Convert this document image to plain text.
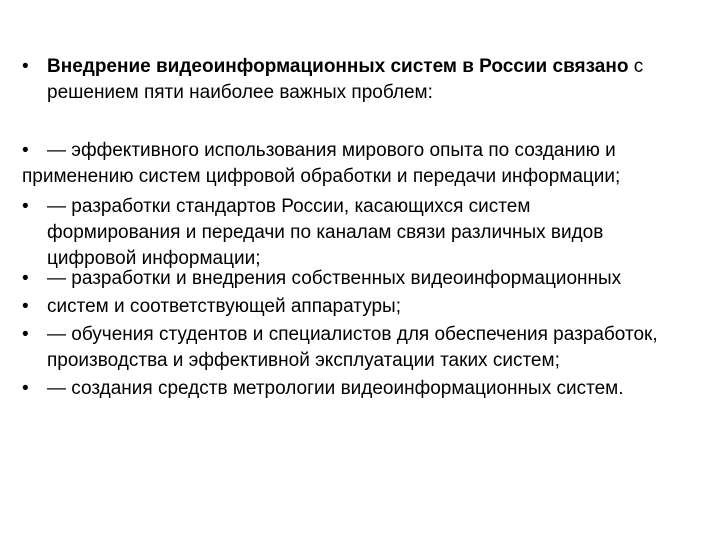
• Внедрение видеоинформационных систем в России связано с решением пяти наиболее важных проблем:
• — эффективного использования мирового опыта по созданию и
применению систем цифровой обработки и передачи информации;
• — разработки стандартов России, касающихся систем формирования и передачи по каналам связи различных видов цифровой информации;
• — разработки и внедрения собственных видеоинформационных
• систем и соответствующей аппаратуры;
• — обучения студентов и специалистов для обеспечения разработок, производства и эффективной эксплуатации таких систем;
• — создания средств метрологии видеоинформационных систем.
